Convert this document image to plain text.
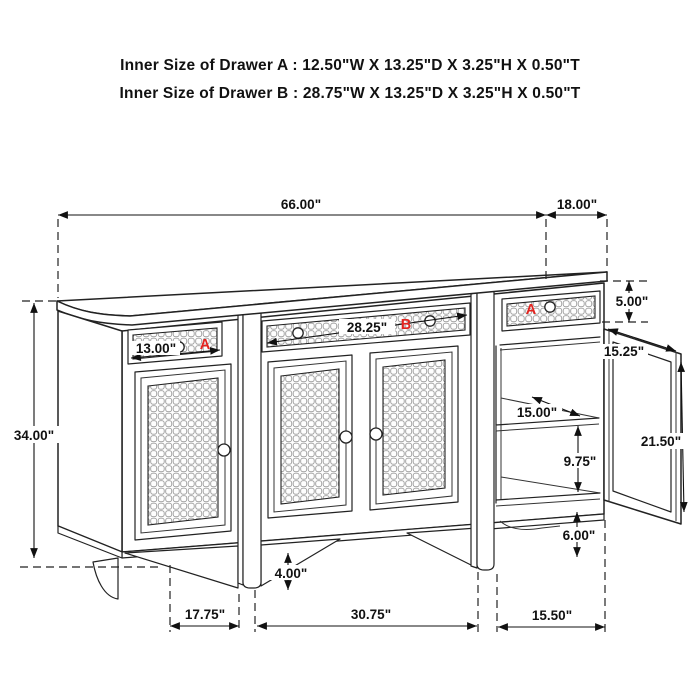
Inner Size of Drawer A : 12.50"W X 13.25"D X 3.25"H X 0.50"T
Inner Size of Drawer B : 28.75"W X 13.25"D X 3.25"H X 0.50"T
66.00"	18.00"
34.00"
5.00"
13.00" A
28.25" B
A
15.25"
21.50"
15.00"
9.75"
6.00"
4.00"
17.75"	30.75"	15.50"
